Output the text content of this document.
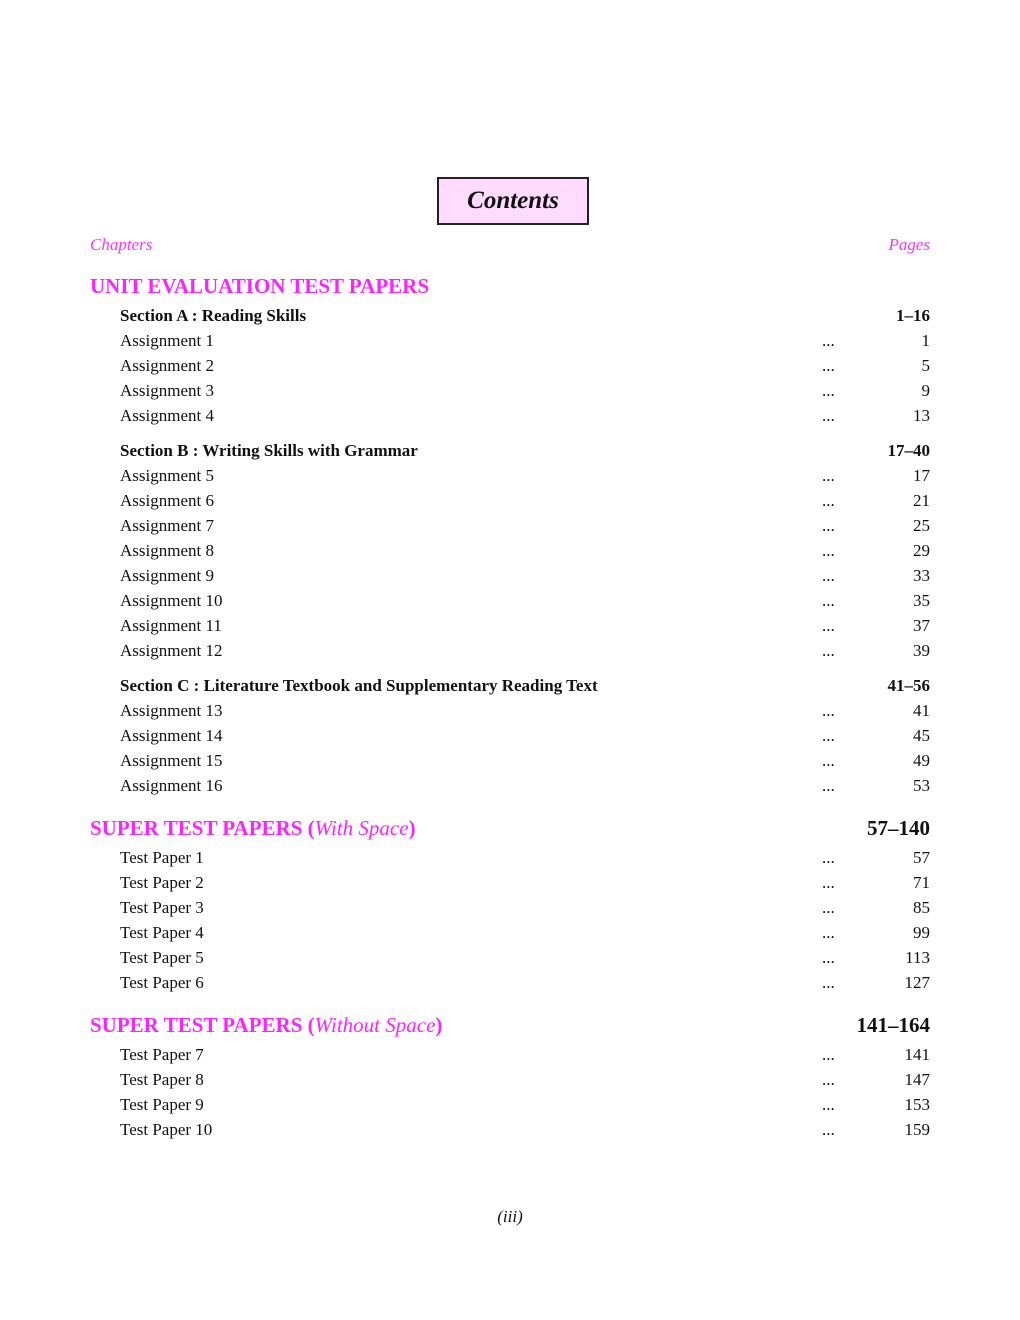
Contents
Chapters	Pages
UNIT EVALUATION TEST PAPERS
Section A : Reading Skills	1–16
Assignment 1	...	1
Assignment 2	...	5
Assignment 3	...	9
Assignment 4	...	13
Section B : Writing Skills with Grammar	17–40
Assignment 5	...	17
Assignment 6	...	21
Assignment 7	...	25
Assignment 8	...	29
Assignment 9	...	33
Assignment 10	...	35
Assignment 11	...	37
Assignment 12	...	39
Section C : Literature Textbook and Supplementary Reading Text	41–56
Assignment 13	...	41
Assignment 14	...	45
Assignment 15	...	49
Assignment 16	...	53
SUPER TEST PAPERS (With Space)	57–140
Test Paper 1	...	57
Test Paper 2	...	71
Test Paper 3	...	85
Test Paper 4	...	99
Test Paper 5	...	113
Test Paper 6	...	127
SUPER TEST PAPERS (Without Space)	141–164
Test Paper 7	...	141
Test Paper 8	...	147
Test Paper 9	...	153
Test Paper 10	...	159
(iii)
